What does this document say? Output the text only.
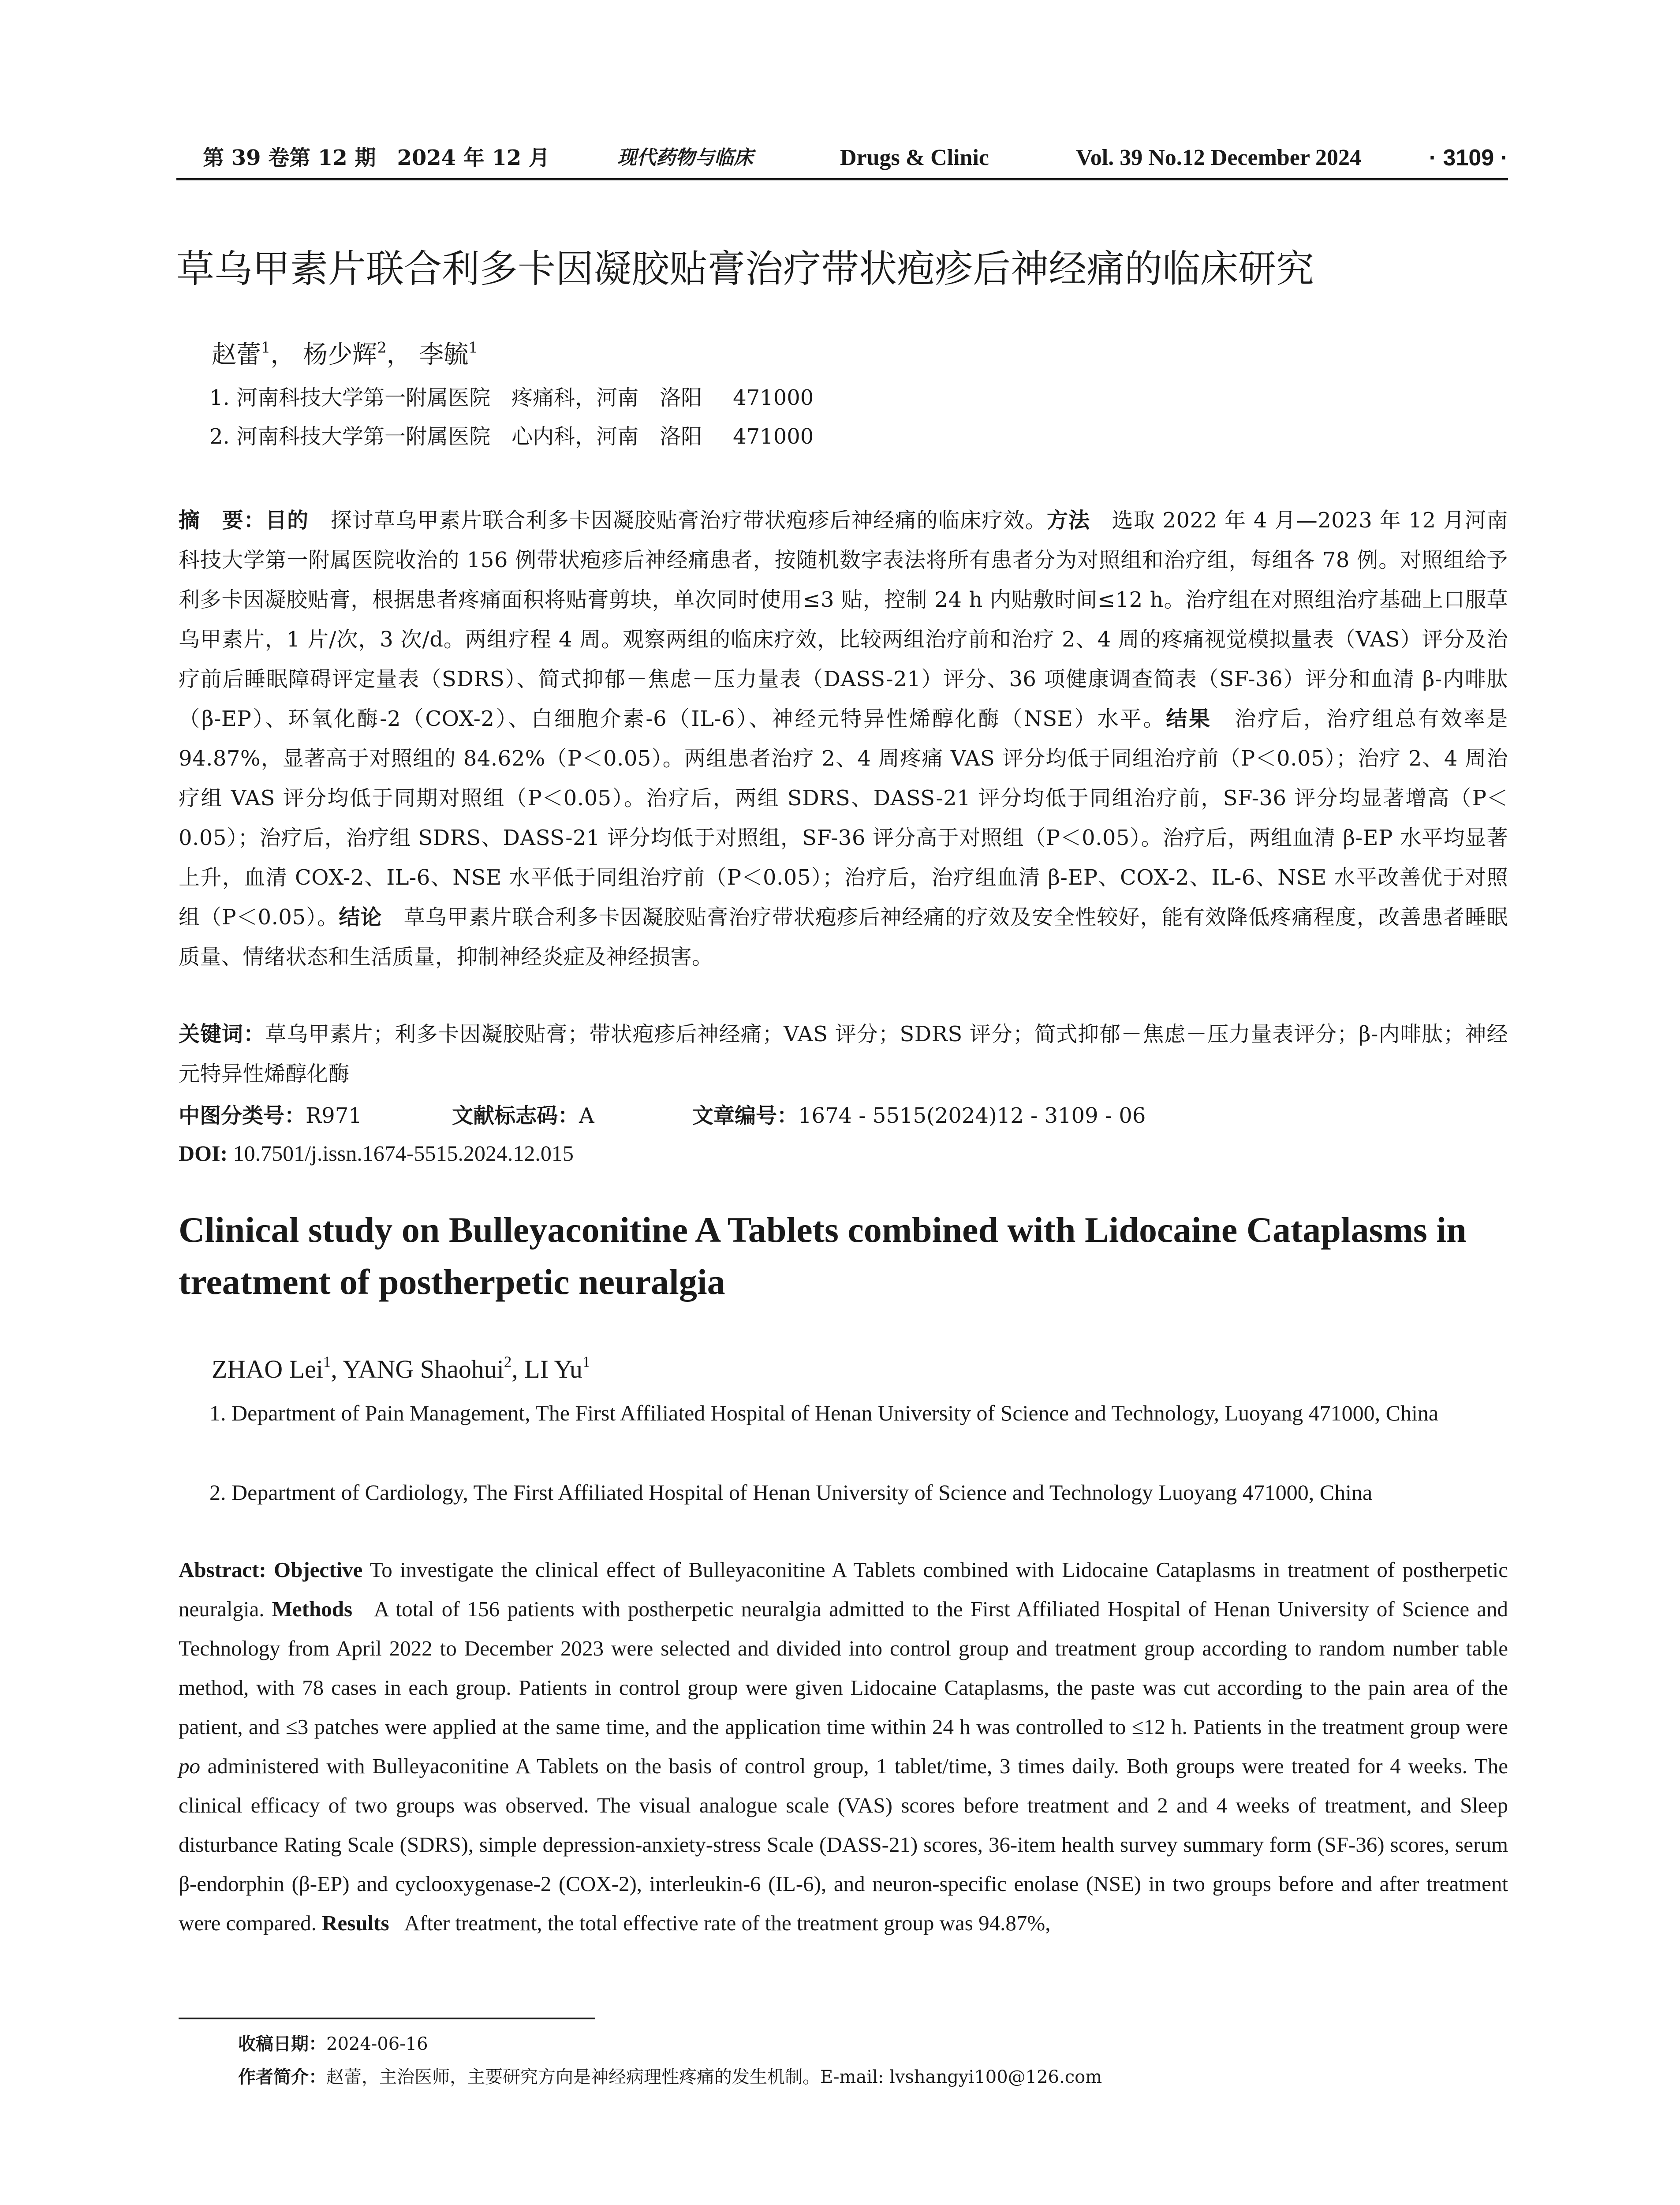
第 39 卷第 12 期　2024 年 12 月	现代药物与临床	Drugs & Clinic	Vol. 39 No.12 December 2024	· 3109 ·
草乌甲素片联合利多卡因凝胶贴膏治疗带状疱疹后神经痛的临床研究
赵蕾$^1$， 杨少辉$^2$， 李毓$^1$
1. 河南科技大学第一附属医院　疼痛科，河南　洛阳 471000
2. 河南科技大学第一附属医院　心内科，河南　洛阳 471000
摘　要：目的　 探讨草乌甲素片联合利多卡因凝胶贴膏治疗带状疱疹后神经痛的临床疗效。方法　 选取 2022 年 4 月—2023 年 12 月河南科技大学第一附属医院收治的 156 例带状疱疹后神经痛患者，按随机数字表法将所有患者分为对照组和治疗组，每组各 78 例。对照组给予利多卡因凝胶贴膏，根据患者疼痛面积将贴膏剪块，单次同时使用≤3 贴，控制 24 h 内贴敷时间≤12 h。治疗组在对照组治疗基础上口服草乌甲素片，1 片/次，3 次/d。两组疗程 4 周。观察两组的临床疗效，比较两组治疗前和治疗 2、4 周的疼痛视觉模拟量表（VAS）评分及治疗前后睡眠障碍评定量表（SDRS）、简式抑郁－焦虑－压力量表（DASS-21）评分、36 项健康调查简表（SF-36）评分和血清 β-内啡肽（β-EP）、环氧化酶-2（COX-2）、白细胞介素-6（IL-6）、神经元特异性烯醇化酶（NSE）水平。结果　 治疗后，治疗组总有效率是 94.87%，显著高于对照组的 84.62%（P＜0.05）。两组患者治疗 2、4 周疼痛 VAS 评分均低于同组治疗前（P＜0.05）；治疗 2、4 周治疗组 VAS 评分均低于同期对照组（P＜0.05）。治疗后，两组 SDRS、DASS-21 评分均低于同组治疗前，SF-36 评分均显著增高（P＜0.05）；治疗后，治疗组 SDRS、DASS-21 评分均低于对照组，SF-36 评分高于对照组（P＜0.05）。治疗后，两组血清 β-EP 水平均显著上升，血清 COX-2、IL-6、NSE 水平低于同组治疗前（P＜0.05）；治疗后，治疗组血清 β-EP、COX-2、IL-6、NSE 水平改善优于对照组（P＜0.05）。结论　 草乌甲素片联合利多卡因凝胶贴膏治疗带状疱疹后神经痛的疗效及安全性较好，能有效降低疼痛程度，改善患者睡眠质量、情绪状态和生活质量，抑制神经炎症及神经损害。
关键词：草乌甲素片；利多卡因凝胶贴膏；带状疱疹后神经痛；VAS 评分；SDRS 评分；简式抑郁－焦虑－压力量表评分；β-内啡肽；神经元特异性烯醇化酶
中图分类号：R971	文献标志码：A	文章编号：1674 - 5515(2024)12 - 3109 - 06
DOI: 10.7501/j.issn.1674-5515.2024.12.015
Clinical study on Bulleyaconitine A Tablets combined with Lidocaine Cataplasms in treatment of postherpetic neuralgia
ZHAO Lei$^1$, YANG Shaohui$^2$, LI Yu$^1$
1. Department of Pain Management, The First Affiliated Hospital of Henan University of Science and Technology, Luoyang 471000, China
2. Department of Cardiology, The First Affiliated Hospital of Henan University of Science and Technology Luoyang 471000, China
Abstract: Objective To investigate the clinical effect of Bulleyaconitine A Tablets combined with Lidocaine Cataplasms in treatment of postherpetic neuralgia. Methods A total of 156 patients with postherpetic neuralgia admitted to the First Affiliated Hospital of Henan University of Science and Technology from April 2022 to December 2023 were selected and divided into control group and treatment group according to random number table method, with 78 cases in each group. Patients in control group were given Lidocaine Cataplasms, the paste was cut according to the pain area of the patient, and ≤3 patches were applied at the same time, and the application time within 24 h was controlled to ≤12 h. Patients in the treatment group were po administered with Bulleyaconitine A Tablets on the basis of control group, 1 tablet/time, 3 times daily. Both groups were treated for 4 weeks. The clinical efficacy of two groups was observed. The visual analogue scale (VAS) scores before treatment and 2 and 4 weeks of treatment, and Sleep disturbance Rating Scale (SDRS), simple depression-anxiety-stress Scale (DASS-21) scores, 36-item health survey summary form (SF-36) scores, serum β-endorphin (β-EP) and cyclooxygenase-2 (COX-2), interleukin-6 (IL-6), and neuron-specific enolase (NSE) in two groups before and after treatment were compared. Results After treatment, the total effective rate of the treatment group was 94.87%,
收稿日期：2024-06-16
作者简介：赵蕾，主治医师，主要研究方向是神经病理性疼痛的发生机制。E-mail: lvshangyi100@126.com
